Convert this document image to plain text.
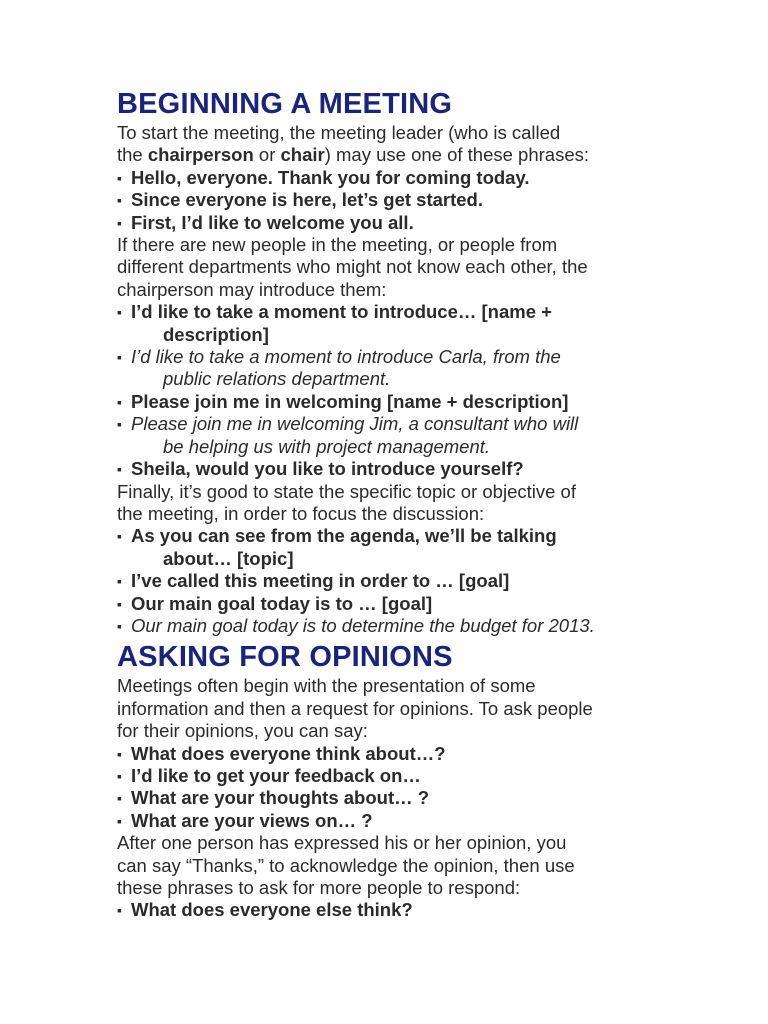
BEGINNING A MEETING

To start the meeting, the meeting leader (who is called
the chairperson or chair) may use one of these phrases:

▪ Hello, everyone. Thank you for coming today.

▪ Since everyone is here, let’s get started.

▪ First, I’d like to welcome you all.

If there are new people in the meeting, or people from
different departments who might not know each other, the
chairperson may introduce them:

▪ I’d like to take a moment to introduce… [name +
description]

▪ I’d like to take a moment to introduce Carla, from the
public relations department.

▪ Please join me in welcoming [name + description]

▪ Please join me in welcoming Jim, a consultant who will
be helping us with project management.

▪ Sheila, would you like to introduce yourself?

Finally, it’s good to state the specific topic or objective of
the meeting, in order to focus the discussion:

▪ As you can see from the agenda, we’ll be talking
about… [topic]

▪ I’ve called this meeting in order to … [goal]

▪ Our main goal today is to … [goal]

▪ Our main goal today is to determine the budget for 2013.

ASKING FOR OPINIONS

Meetings often begin with the presentation of some
information and then a request for opinions. To ask people
for their opinions, you can say:

▪ What does everyone think about…?

▪ I’d like to get your feedback on…

▪ What are your thoughts about… ?

▪ What are your views on… ?

After one person has expressed his or her opinion, you
can say “Thanks,” to acknowledge the opinion, then use
these phrases to ask for more people to respond:

▪ What does everyone else think?
